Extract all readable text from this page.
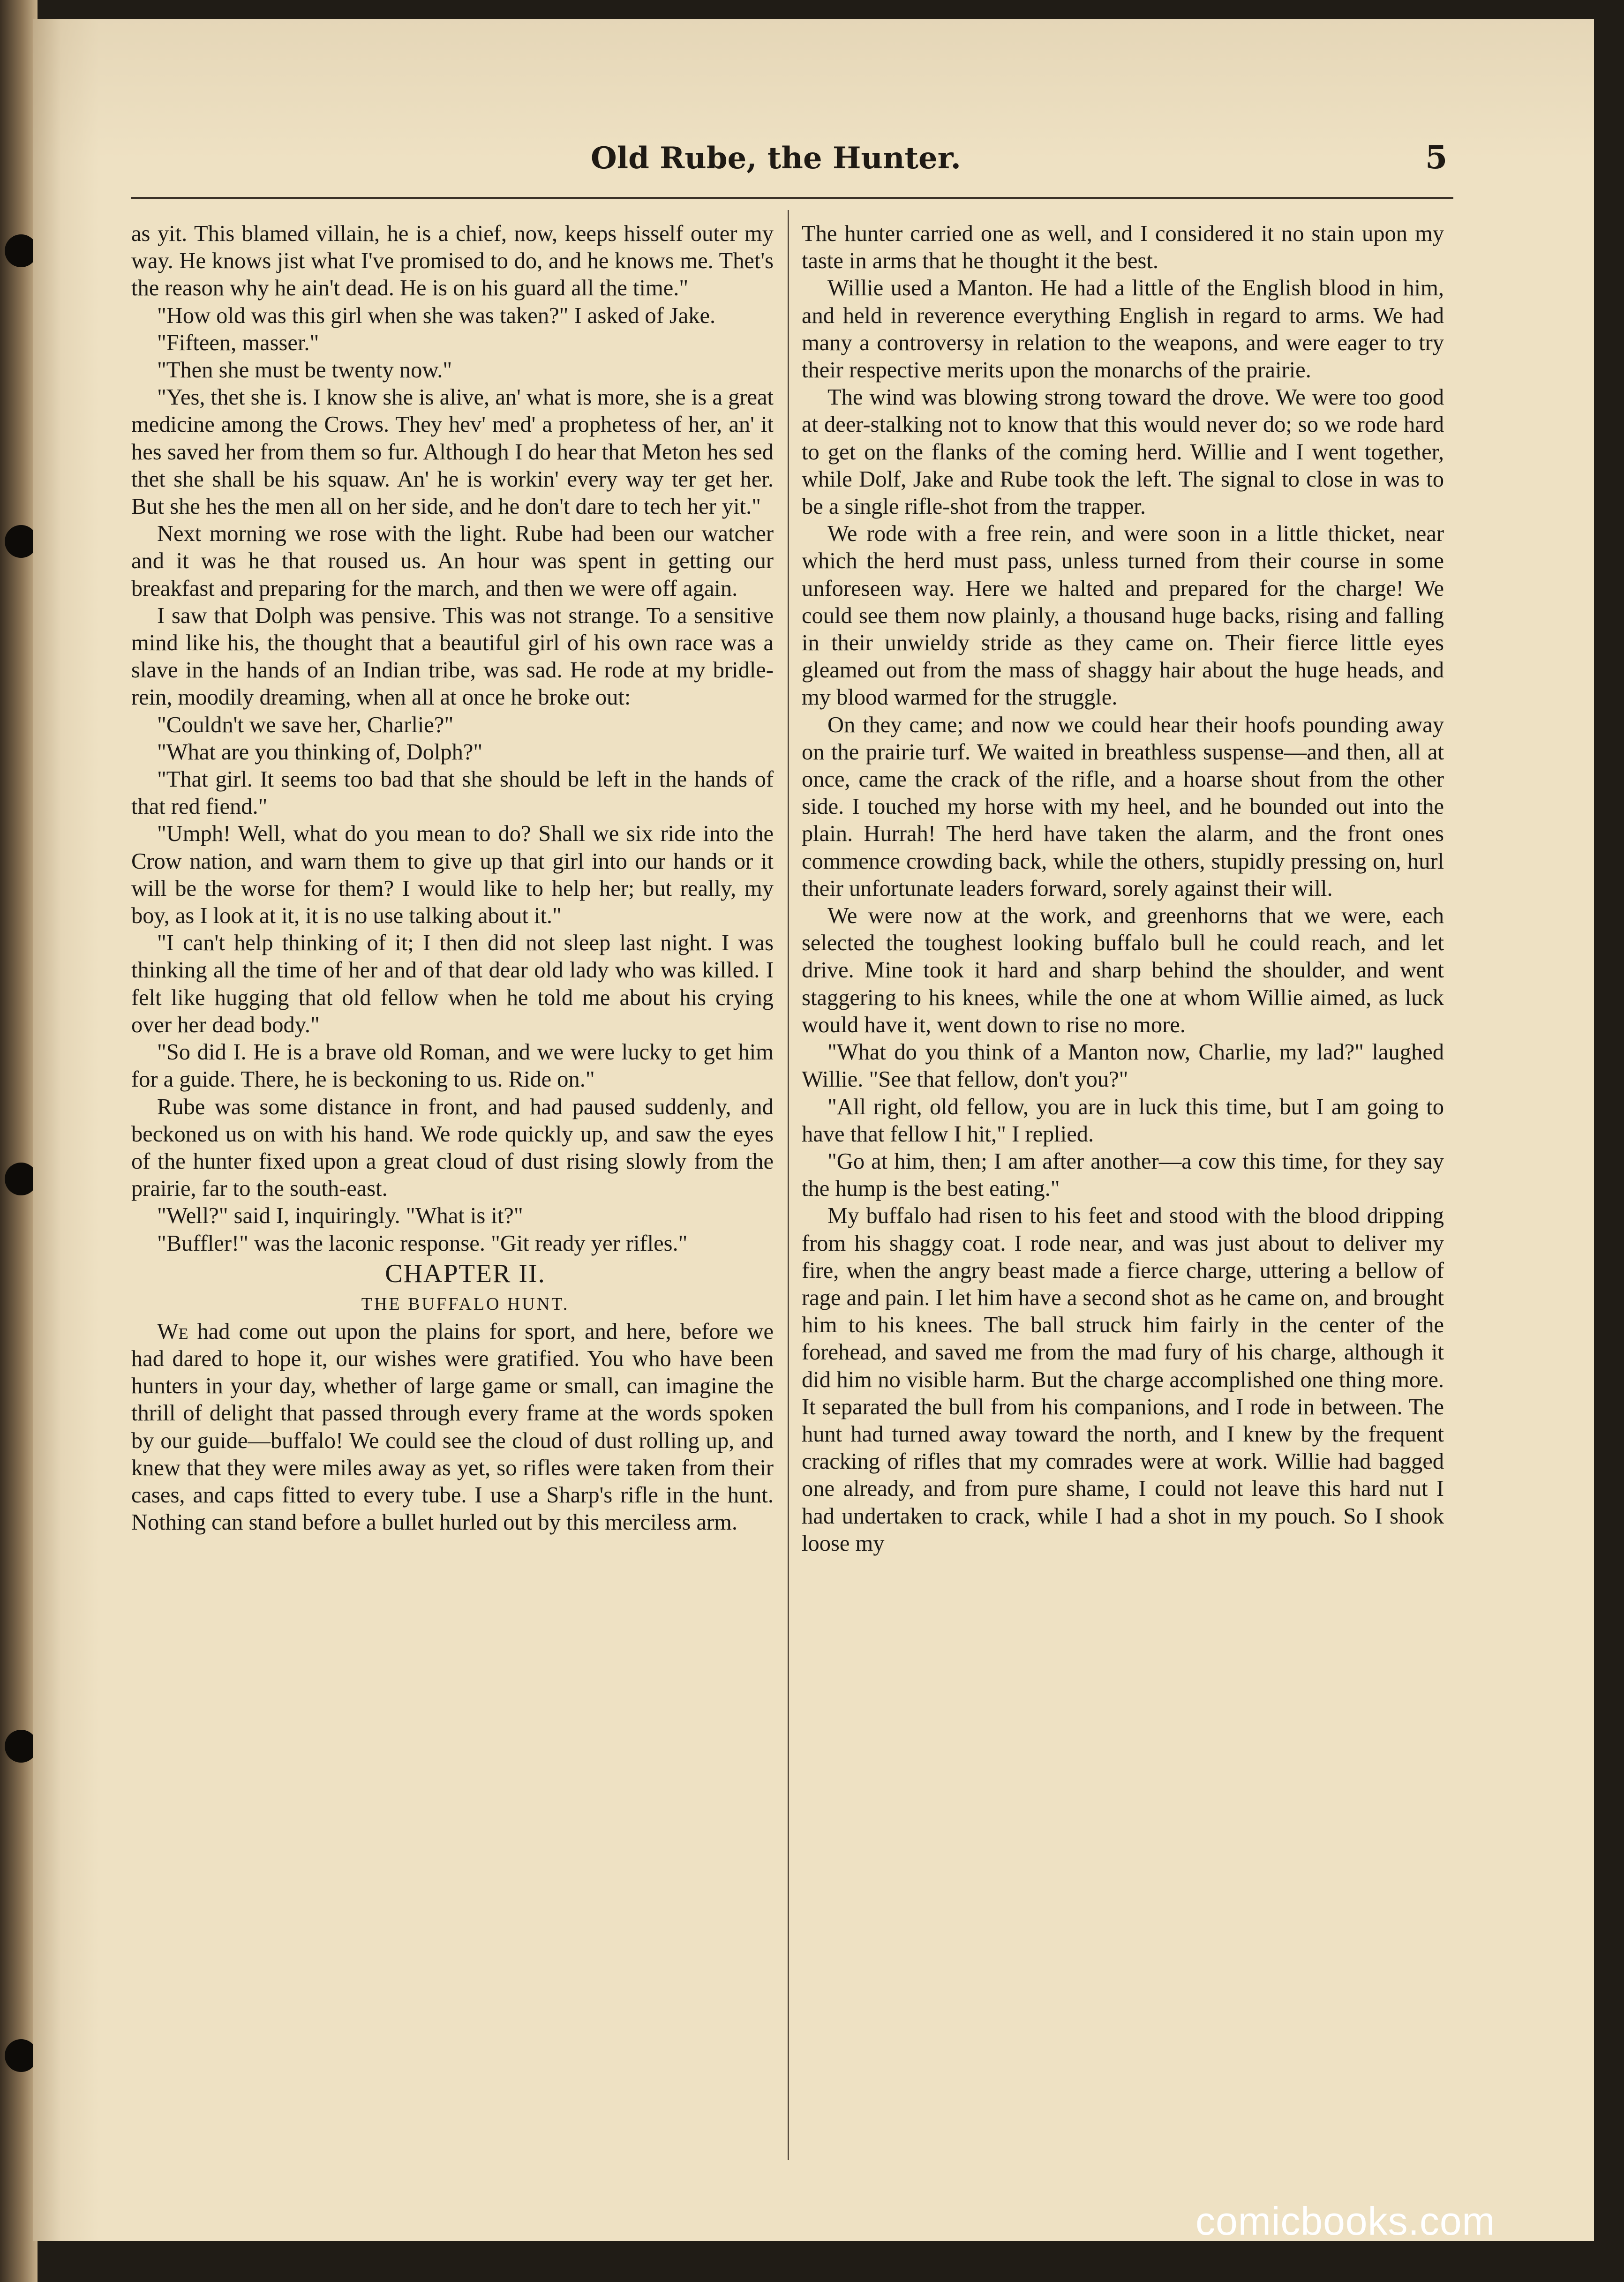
Old Rube, the Hunter.	5

as yit. This blamed villain, he is a chief, now, keeps hisself outer my way. He knows jist what I've promised to do, and he knows me. Thet's the reason why he ain't dead. He is on his guard all the time."

"How old was this girl when she was taken?" I asked of Jake.

"Fifteen, masser."

"Then she must be twenty now."

"Yes, thet she is. I know she is alive, an' what is more, she is a great medicine among the Crows. They hev' med' a prophetess of her, an' it hes saved her from them so fur. Although I do hear that Meton hes sed thet she shall be his squaw. An' he is workin' every way ter get her. But she hes the men all on her side, and he don't dare to tech her yit."

Next morning we rose with the light. Rube had been our watcher and it was he that roused us. An hour was spent in getting our breakfast and preparing for the march, and then we were off again.

I saw that Dolph was pensive. This was not strange. To a sensitive mind like his, the thought that a beautiful girl of his own race was a slave in the hands of an Indian tribe, was sad. He rode at my bridle-rein, moodily dreaming, when all at once he broke out:

"Couldn't we save her, Charlie?"

"What are you thinking of, Dolph?"

"That girl. It seems too bad that she should be left in the hands of that red fiend."

"Umph! Well, what do you mean to do? Shall we six ride into the Crow nation, and warn them to give up that girl into our hands or it will be the worse for them? I would like to help her; but really, my boy, as I look at it, it is no use talking about it."

"I can't help thinking of it; I then did not sleep last night. I was thinking all the time of her and of that dear old lady who was killed. I felt like hugging that old fellow when he told me about his crying over her dead body."

"So did I. He is a brave old Roman, and we were lucky to get him for a guide. There, he is beckoning to us. Ride on."

Rube was some distance in front, and had paused suddenly, and beckoned us on with his hand. We rode quickly up, and saw the eyes of the hunter fixed upon a great cloud of dust rising slowly from the prairie, far to the south-east.

"Well?" said I, inquiringly. "What is it?"

"Buffler!" was the laconic response. "Git ready yer rifles."

CHAPTER II.

THE BUFFALO HUNT.

We had come out upon the plains for sport, and here, before we had dared to hope it, our wishes were gratified. You who have been hunters in your day, whether of large game or small, can imagine the thrill of delight that passed through every frame at the words spoken by our guide—buffalo! We could see the cloud of dust rolling up, and knew that they were miles away as yet, so rifles were taken from their cases, and caps fitted to every tube. I use a Sharp's rifle in the hunt. Nothing can stand before a bullet hurled out by this merciless arm.

The hunter carried one as well, and I considered it no stain upon my taste in arms that he thought it the best.

Willie used a Manton. He had a little of the English blood in him, and held in reverence everything English in regard to arms. We had many a controversy in relation to the weapons, and were eager to try their respective merits upon the monarchs of the prairie.

The wind was blowing strong toward the drove. We were too good at deer-stalking not to know that this would never do; so we rode hard to get on the flanks of the coming herd. Willie and I went together, while Dolf, Jake and Rube took the left. The signal to close in was to be a single rifle-shot from the trapper.

We rode with a free rein, and were soon in a little thicket, near which the herd must pass, unless turned from their course in some unforeseen way. Here we halted and prepared for the charge! We could see them now plainly, a thousand huge backs, rising and falling in their unwieldy stride as they came on. Their fierce little eyes gleamed out from the mass of shaggy hair about the huge heads, and my blood warmed for the struggle.

On they came; and now we could hear their hoofs pounding away on the prairie turf. We waited in breathless suspense—and then, all at once, came the crack of the rifle, and a hoarse shout from the other side. I touched my horse with my heel, and he bounded out into the plain. Hurrah! The herd have taken the alarm, and the front ones commence crowding back, while the others, stupidly pressing on, hurl their unfortunate leaders forward, sorely against their will.

We were now at the work, and greenhorns that we were, each selected the toughest looking buffalo bull he could reach, and let drive. Mine took it hard and sharp behind the shoulder, and went staggering to his knees, while the one at whom Willie aimed, as luck would have it, went down to rise no more.

"What do you think of a Manton now, Charlie, my lad?" laughed Willie. "See that fellow, don't you?"

"All right, old fellow, you are in luck this time, but I am going to have that fellow I hit," I replied.

"Go at him, then; I am after another—a cow this time, for they say the hump is the best eating."

My buffalo had risen to his feet and stood with the blood dripping from his shaggy coat. I rode near, and was just about to deliver my fire, when the angry beast made a fierce charge, uttering a bellow of rage and pain. I let him have a second shot as he came on, and brought him to his knees. The ball struck him fairly in the center of the forehead, and saved me from the mad fury of his charge, although it did him no visible harm. But the charge accomplished one thing more. It separated the bull from his companions, and I rode in between. The hunt had turned away toward the north, and I knew by the frequent cracking of rifles that my comrades were at work. Willie had bagged one already, and from pure shame, I could not leave this hard nut I had undertaken to crack, while I had a shot in my pouch. So I shook loose my

comicbooks.com
